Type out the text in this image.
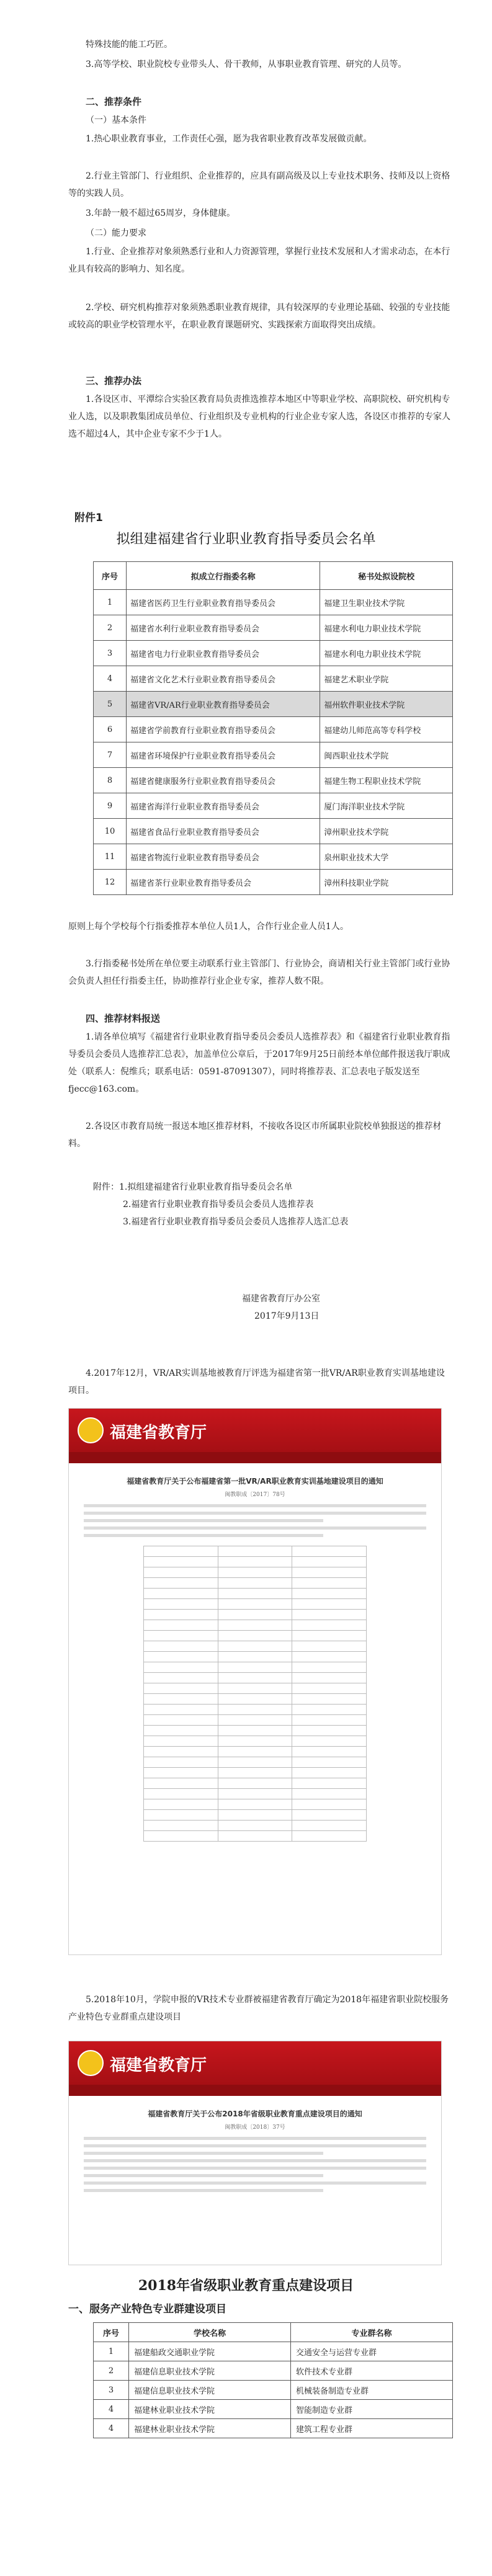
特殊技能的能工巧匠。

3.高等学校、职业院校专业带头人、骨干教师，从事职业教育管理、研究的人员等。

二、推荐条件

（一）基本条件

1.热心职业教育事业，工作责任心强，愿为我省职业教育改革发展做贡献。

2.行业主管部门、行业组织、企业推荐的，应具有副高级及以上专业技术职务、技师及以上资格等的实践人员。

3.年龄一般不超过65周岁，身体健康。

（二）能力要求

1.行业、企业推荐对象须熟悉行业和人力资源管理，掌握行业技术发展和人才需求动态，在本行业具有较高的影响力、知名度。

2.学校、研究机构推荐对象须熟悉职业教育规律，具有较深厚的专业理论基础、较强的专业技能或较高的职业学校管理水平，在职业教育课题研究、实践探索方面取得突出成绩。

三、推荐办法

1.各设区市、平潭综合实验区教育局负责推选推荐本地区中等职业学校、高职院校、研究机构专业人选，以及职教集团成员单位、行业组织及专业机构的行业企业专家人选，各设区市推荐的专家人选不超过4人，其中企业专家不少于1人。

附件1
拟组建福建省行业职业教育指导委员会名单
序号	拟成立行指委名称	秘书处拟设院校
1	福建省医药卫生行业职业教育指导委员会	福建卫生职业技术学院
2	福建省水利行业职业教育指导委员会	福建水利电力职业技术学院
3	福建省电力行业职业教育指导委员会	福建水利电力职业技术学院
4	福建省文化艺术行业职业教育指导委员会	福建艺术职业学院
5	福建省VR/AR行业职业教育指导委员会	福州软件职业技术学院
6	福建省学前教育行业职业教育指导委员会	福建幼儿师范高等专科学校
7	福建省环境保护行业职业教育指导委员会	闽西职业技术学院
8	福建省健康服务行业职业教育指导委员会	福建生物工程职业技术学院
9	福建省海洋行业职业教育指导委员会	厦门海洋职业技术学院
10	福建省食品行业职业教育指导委员会	漳州职业技术学院
11	福建省物流行业职业教育指导委员会	泉州职业技术大学
12	福建省茶行业职业教育指导委员会	漳州科技职业学院

原则上每个学校每个行指委推荐本单位人员1人，合作行业企业人员1人。

3.行指委秘书处所在单位要主动联系行业主管部门、行业协会，商请相关行业主管部门或行业协会负责人担任行指委主任，协助推荐行业企业专家，推荐人数不限。

四、推荐材料报送

1.请各单位填写《福建省行业职业教育指导委员会委员人选推荐表》和《福建省行业职业教育指导委员会委员人选推荐汇总表》，加盖单位公章后，于2017年9月25日前经本单位邮件报送我厅职成处（联系人：倪维兵；联系电话：0591-87091307），同时将推荐表、汇总表电子版发送至fjecc@163.com。

2.各设区市教育局统一报送本地区推荐材料，不接收各设区市所属职业院校单独报送的推荐材料。

附件：1.拟组建福建省行业职业教育指导委员会名单

2.福建省行业职业教育指导委员会委员人选推荐表

3.福建省行业职业教育指导委员会委员人选推荐人选汇总表

福建省教育厅办公室

2017年9月13日

4.2017年12月，VR/AR实训基地被教育厅评选为福建省第一批VR/AR职业教育实训基地建设项目。

福建省教育厅
福建省教育厅关于公布福建省第一批VR/AR职业教育实训基地建设项目的通知
闽教职成〔2017〕78号

5.2018年10月，学院申报的VR技术专业群被福建省教育厅确定为2018年福建省职业院校服务产业特色专业群重点建设项目

福建省教育厅
福建省教育厅关于公布2018年省级职业教育重点建设项目的通知
闽教职成〔2018〕37号
2018年省级职业教育重点建设项目
一、服务产业特色专业群建设项目
序号	学校名称	专业群名称
1	福建船政交通职业学院	交通安全与运营专业群
2	福建信息职业技术学院	软件技术专业群
3	福建信息职业技术学院	机械装备制造专业群
4	福建林业职业技术学院	智能制造专业群
4	福建林业职业技术学院	建筑工程专业群
